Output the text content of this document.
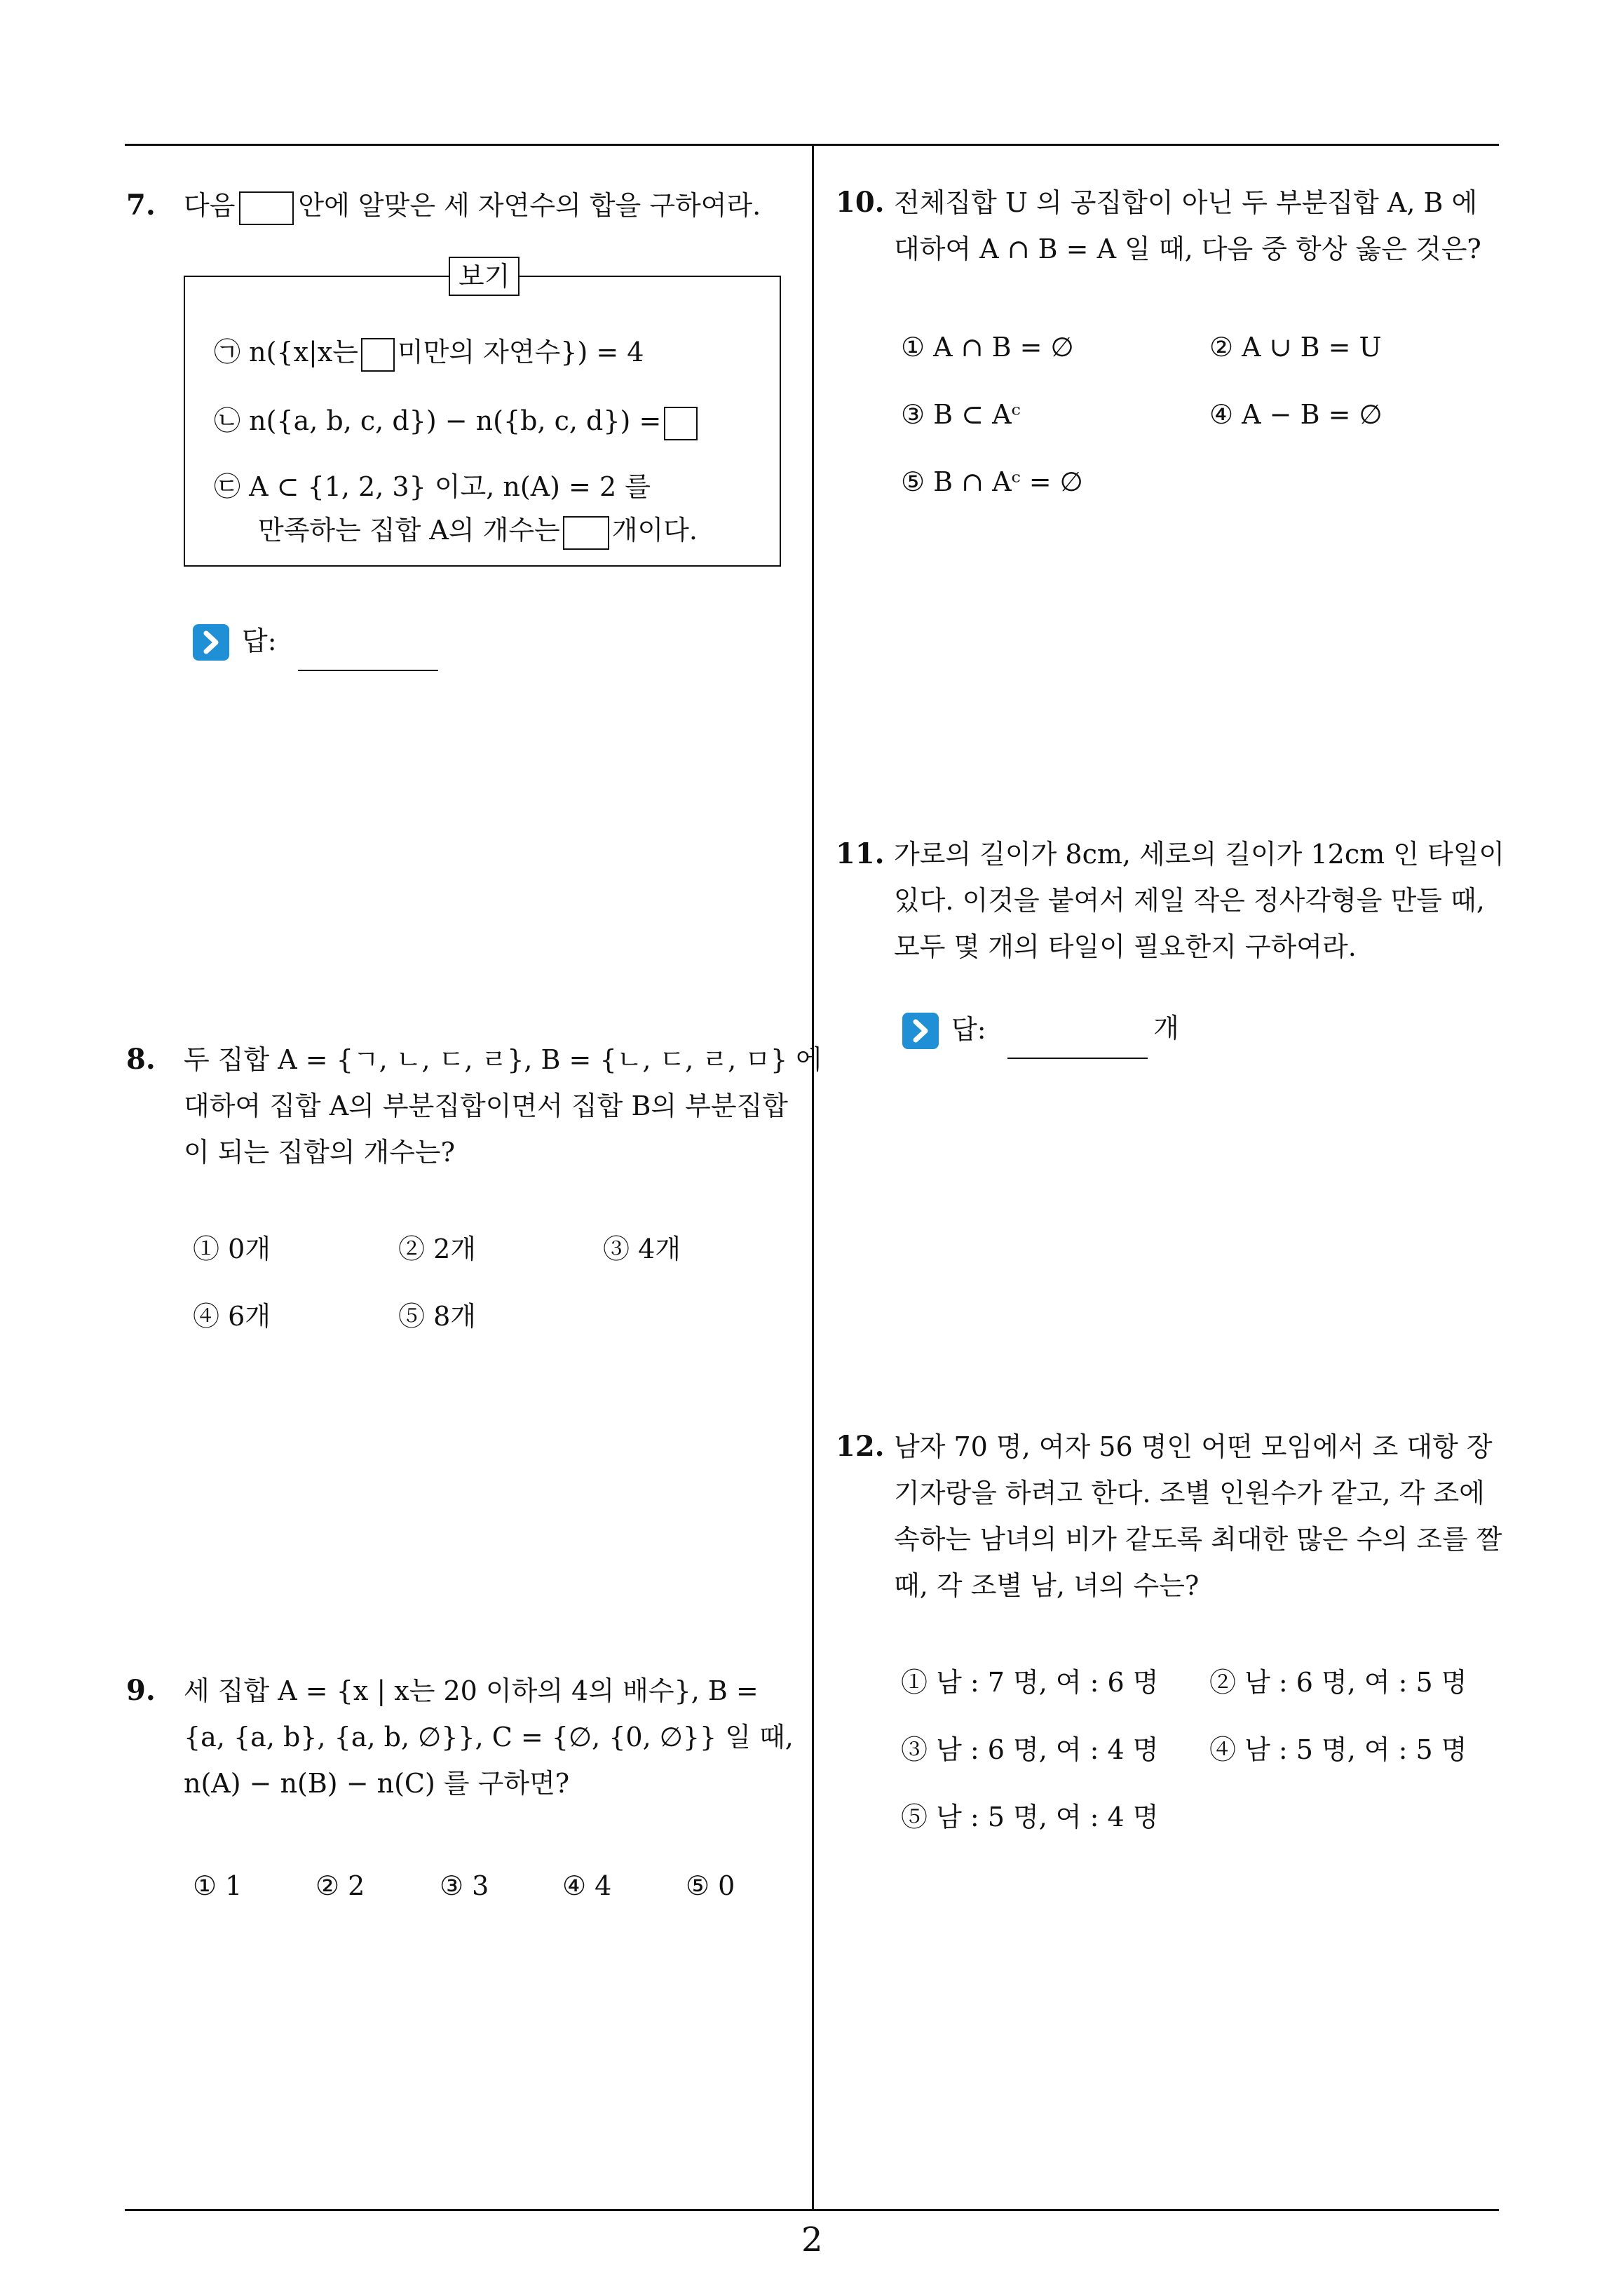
7. 다음 안에 알맞은 세 자연수의 합을 구하여라.
보기
㉠ n({x|x는 미만의 자연수}) = 4
㉡ n({a, b, c, d}) − n({b, c, d}) =
㉢ A ⊂ {1, 2, 3} 이고, n(A) = 2 를
만족하는 집합 A의 개수는 개이다.
답:
8. 두 집합 A = {ㄱ, ㄴ, ㄷ, ㄹ}, B = {ㄴ, ㄷ, ㄹ, ㅁ} 에
대하여 집합 A의 부분집합이면서 집합 B의 부분집합
이 되는 집합의 개수는?
① 0개	② 2개	③ 4개
④ 6개	⑤ 8개
9. 세 집합 A = {x | x는 20 이하의 4의 배수}, B =
{a, {a, b}, {a, b, ∅}}, C = {∅, {0, ∅}} 일 때,
n(A) − n(B) − n(C) 를 구하면?
① 1	② 2	③ 3	④ 4	⑤ 0
10. 전체집합 U 의 공집합이 아닌 두 부분집합 A, B 에
대하여 A ∩ B = A 일 때, 다음 중 항상 옳은 것은?
① A ∩ B = ∅	② A ∪ B = U
③ B ⊂ Aᶜ	④ A − B = ∅
⑤ B ∩ Aᶜ = ∅
11. 가로의 길이가 8cm, 세로의 길이가 12cm 인 타일이
있다. 이것을 붙여서 제일 작은 정사각형을 만들 때,
모두 몇 개의 타일이 필요한지 구하여라.
답:	개
12. 남자 70 명, 여자 56 명인 어떤 모임에서 조 대항 장
기자랑을 하려고 한다. 조별 인원수가 같고, 각 조에
속하는 남녀의 비가 같도록 최대한 많은 수의 조를 짤
때, 각 조별 남, 녀의 수는?
① 남 : 7 명, 여 : 6 명 ② 남 : 6 명, 여 : 5 명
③ 남 : 6 명, 여 : 4 명 ④ 남 : 5 명, 여 : 5 명
⑤ 남 : 5 명, 여 : 4 명
2
